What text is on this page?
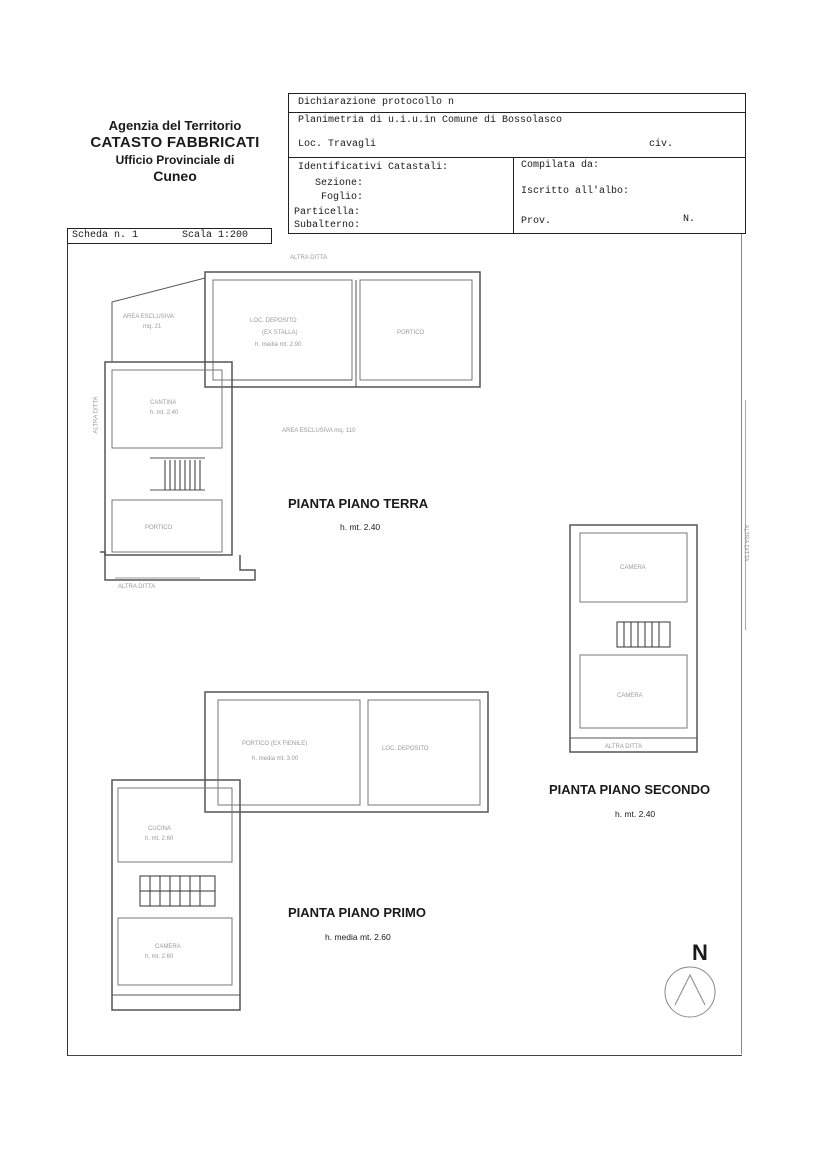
Agenzia del Territorio
CATASTO FABBRICATI
Ufficio Provinciale di
Cuneo
Dichiarazione protocollo n
Planimetria di u.i.u.in Comune di Bossolasco
Loc. Travagli	civ.
Identificativi Catastali:
Sezione:
Foglio:
Particella:
Subalterno:
Compilata da:
Iscritto all'albo:
Prov.	N.
Scheda n. 1	Scala 1:200
PIANTA PIANO TERRA
h. mt. 2.40
PIANTA PIANO SECONDO
h. mt. 2.40
PIANTA PIANO PRIMO
h. media mt. 2.60
ALTRA DITTA
AREA ESCLUSIVA
mq. 21
LOC. DEPOSITO
(EX STALLA)
h. media mt. 2.90
PORTICO
CANTINA
h. mt. 2.40
AREA ESCLUSIVA mq. 110
PORTICO
ALTRA DITTA
ALTRA DITTA
PORTICO (EX FIENILE)
h. media mt. 3.00
LOC. DEPOSITO
CUCINA
h. mt. 2.60
CAMERA
h. mt. 2.60
CAMERA
CAMERA
ALTRA DITTA
ALTRA DITTA
N
